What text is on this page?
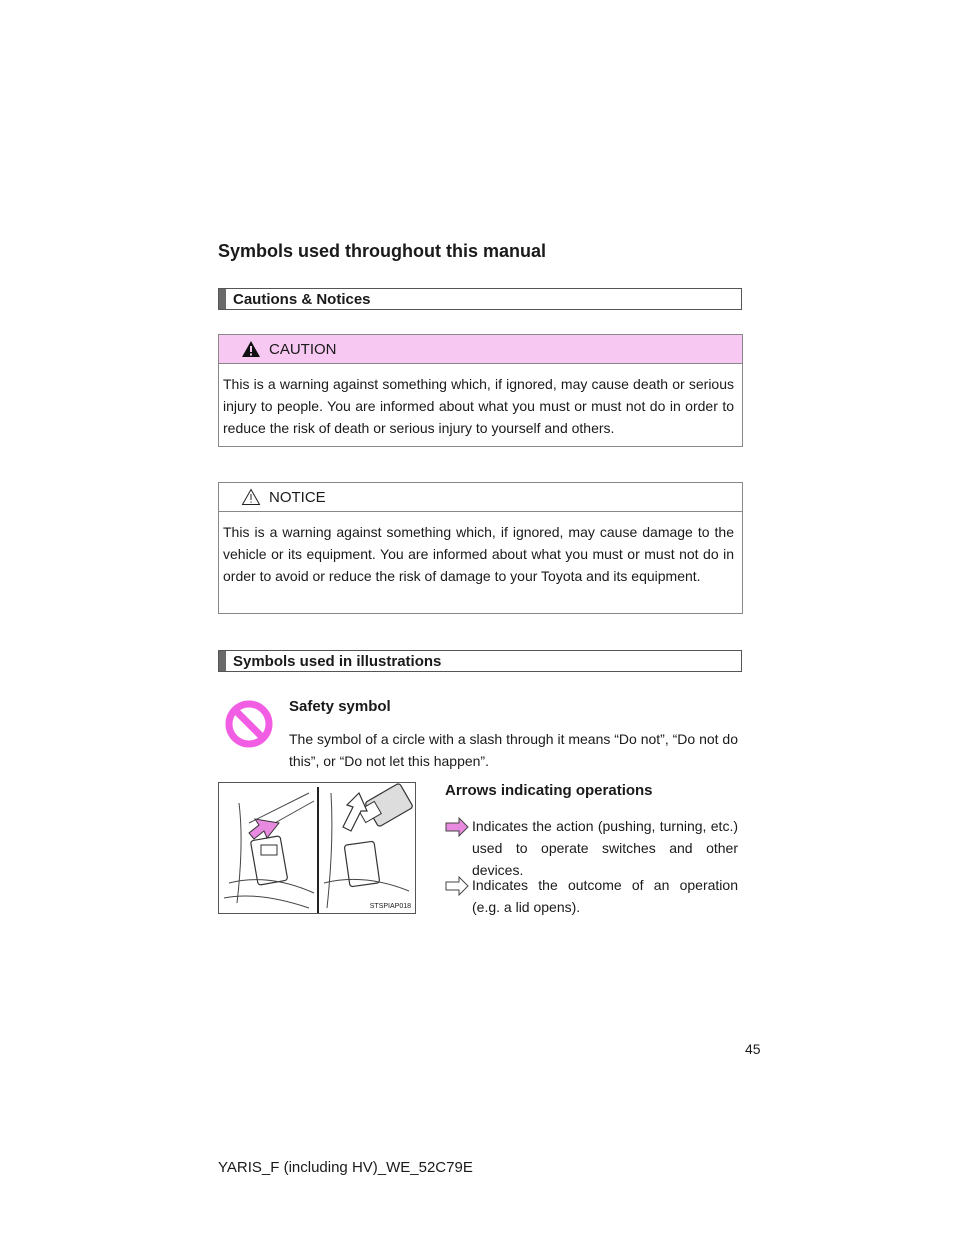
Symbols used throughout this manual
Cautions & Notices
CAUTION
This is a warning against something which, if ignored, may cause death or serious injury to people. You are informed about what you must or must not do in order to reduce the risk of death or serious injury to yourself and others.
NOTICE
This is a warning against something which, if ignored, may cause damage to the vehicle or its equipment. You are informed about what you must or must not do in order to avoid or reduce the risk of damage to your Toyota and its equipment.
Symbols used in illustrations
Safety symbol
The symbol of a circle with a slash through it means “Do not”, “Do not do this”, or “Do not let this happen”.
STSPIAP018
Arrows indicating operations
Indicates the action (pushing, turning, etc.) used to operate switches and other devices.
Indicates the outcome of an operation (e.g. a lid opens).
45
YARIS_F (including HV)_WE_52C79E
